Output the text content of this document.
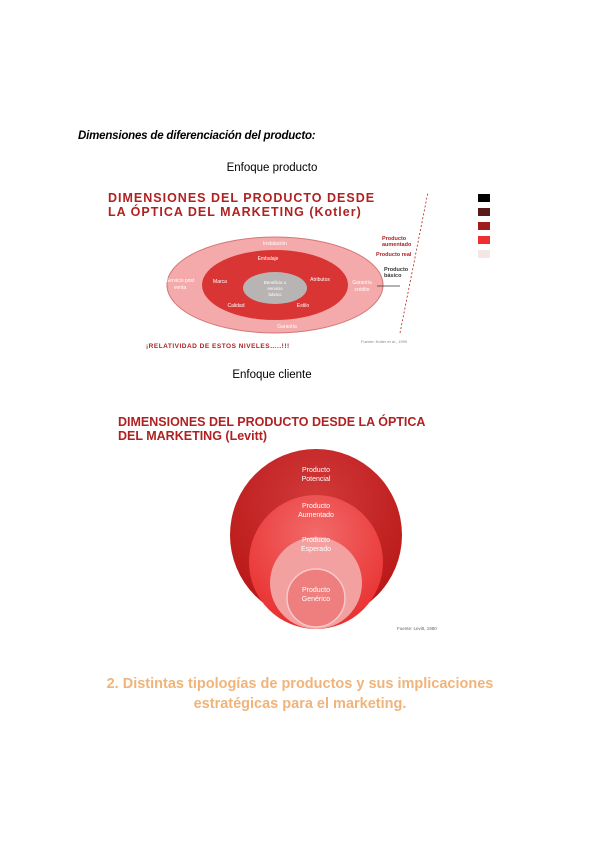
Dimensiones de diferenciación del producto:
Enfoque producto
DIMENSIONES DEL PRODUCTO DESDE
LA ÓPTICA DEL MARKETING (Kotler)
Instalación
Servicio post
venta
Garantía
crédito
Garantía
Embalaje
Marca	Atributos
Calidad	Estilo
Beneficio o
servicio
básico
Producto
aumentado
Producto real
Producto
básico
¡RELATIVIDAD DE ESTOS NIVELES…..!!!
Fuente: Kotler et al., 1999
Enfoque cliente
DIMENSIONES DEL PRODUCTO DESDE LA ÓPTICA
DEL MARKETING (Levitt)
Producto
Potencial
Producto
Aumentado
Producto
Esperado
Producto
Genérico
Fuente: Levitt, 1980
2. Distintas tipologías de productos y sus implicaciones
estratégicas para el marketing.
